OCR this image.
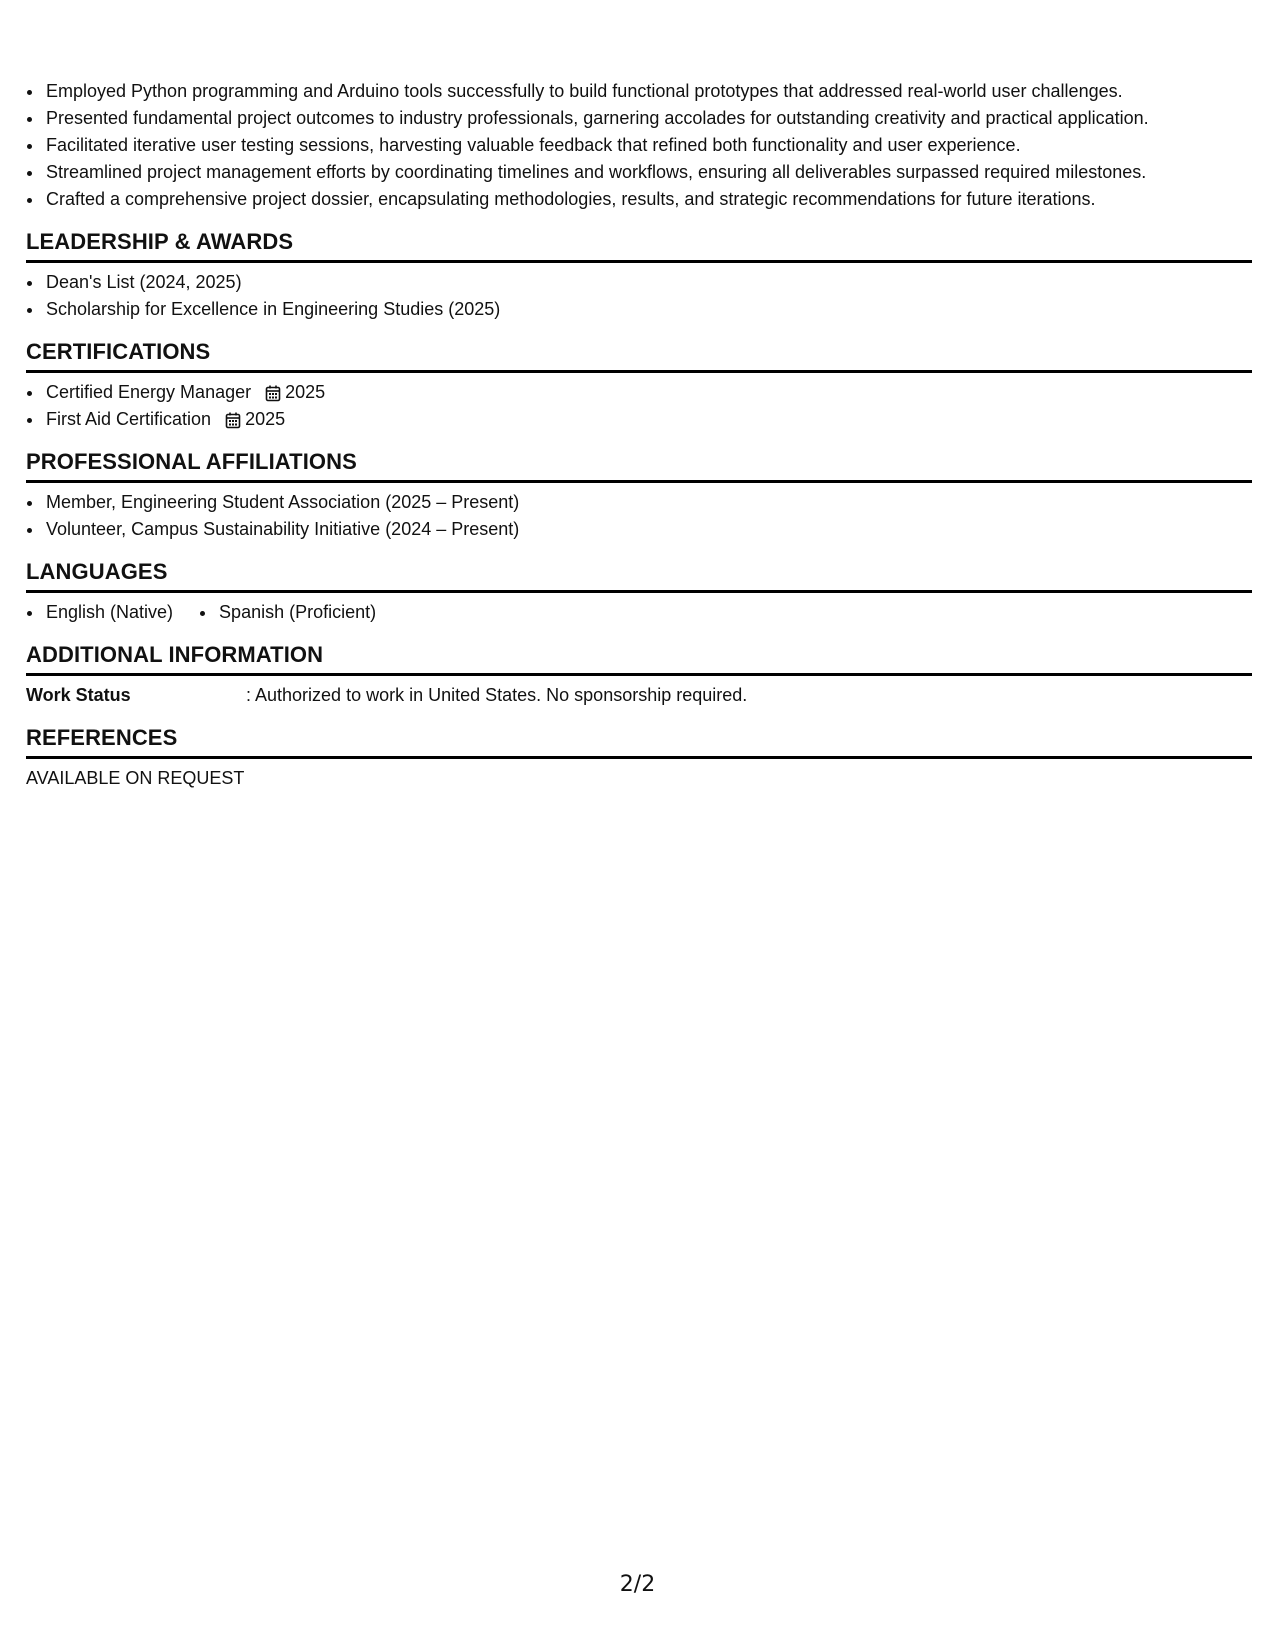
• Employed Python programming and Arduino tools successfully to build functional prototypes that addressed real-world user challenges.
• Presented fundamental project outcomes to industry professionals, garnering accolades for outstanding creativity and practical application.
• Facilitated iterative user testing sessions, harvesting valuable feedback that refined both functionality and user experience.
• Streamlined project management efforts by coordinating timelines and workflows, ensuring all deliverables surpassed required milestones.
• Crafted a comprehensive project dossier, encapsulating methodologies, results, and strategic recommendations for future iterations.
LEADERSHIP & AWARDS
• Dean's List (2024, 2025)
• Scholarship for Excellence in Engineering Studies (2025)
CERTIFICATIONS
• Certified Energy Manager 2025
• First Aid Certification 2025
PROFESSIONAL AFFILIATIONS
• Member, Engineering Student Association (2025 – Present)
• Volunteer, Campus Sustainability Initiative (2024 – Present)
LANGUAGES
• English (Native)
•	Spanish (Proficient)
ADDITIONAL INFORMATION
Work Status	: Authorized to work in United States. No sponsorship required.
REFERENCES
AVAILABLE ON REQUEST
2/2
